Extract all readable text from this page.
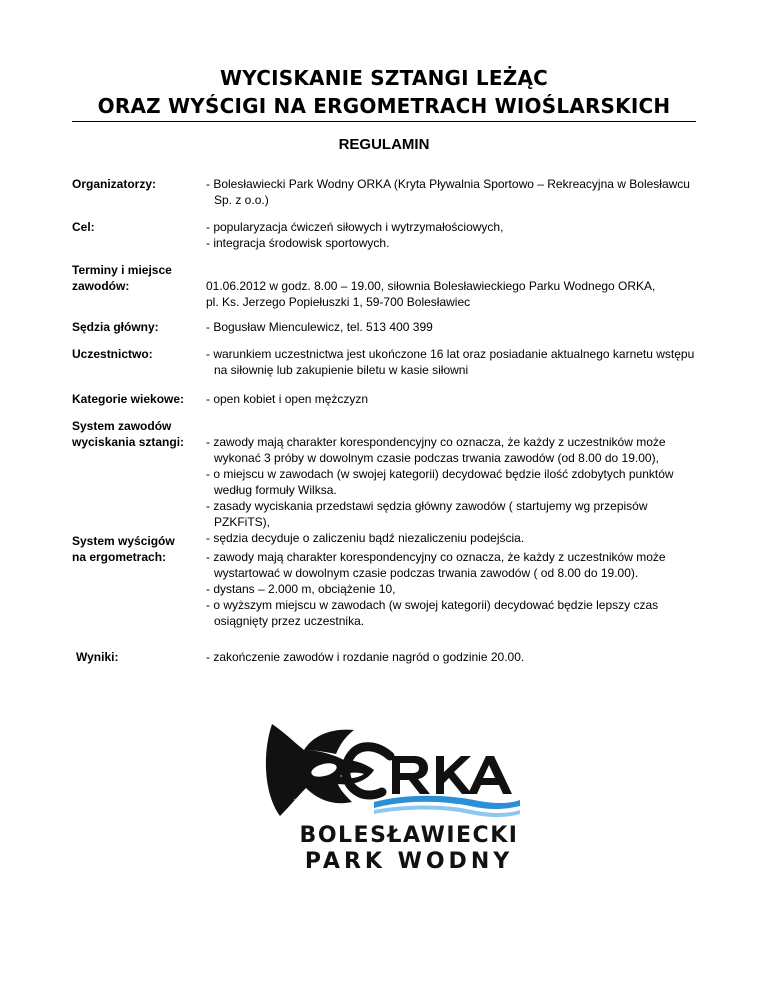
WYCISKANIE SZTANGI LEŻĄC
ORAZ WYŚCIGI NA ERGOMETRACH WIOŚLARSKICH
REGULAMIN
Organizatorzy:	- Bolesławiecki Park Wodny ORKA (Kryta Pływalnia Sportowo – Rekreacyjna w Bolesławcu Sp. z o.o.)

Cel:	- popularyzacja ćwiczeń siłowych i wytrzymałościowych,

- integracja środowisk sportowych.

Terminy i miejsce zawodów:	01.06.2012 w godz. 8.00 – 19.00, siłownia Bolesławieckiego Parku Wodnego ORKA,

pl. Ks. Jerzego Popiełuszki 1, 59-700 Bolesławiec

Sędzia główny:	- Bogusław Mienculewicz, tel. 513 400 399

Uczestnictwo:	- warunkiem uczestnictwa jest ukończone 16 lat oraz posiadanie aktualnego karnetu wstępu na siłownię lub zakupienie biletu w kasie siłowni

Kategorie wiekowe:	- open kobiet i open mężczyzn

System zawodów wyciskania sztangi: - zawody mają charakter korespondencyjny co oznacza, że każdy z uczestników może wykonać 3 próby w dowolnym czasie podczas trwania zawodów (od 8.00 do 19.00),

- o miejscu w zawodach (w swojej kategorii) decydować będzie ilość zdobytych punktów według formuły Wilksa.

- zasady wyciskania przedstawi sędzia główny zawodów ( startujemy wg przepisów PZKFiTS),

- sędzia decyduje o zaliczeniu bądź niezaliczeniu podejścia.

System wyścigów na ergometrach:	- zawody mają charakter korespondencyjny co oznacza, że każdy z uczestników może wystartować w dowolnym czasie podczas trwania zawodów ( od 8.00 do 19.00).

- dystans – 2.000 m, obciążenie 10,

- o wyższym miejscu w zawodach (w swojej kategorii) decydować będzie lepszy czas osiągnięty przez uczestnika.

Wyniki:	- zakończenie zawodów i rozdanie nagród o godzinie 20.00.

BOLESŁAWIECKI
PARK WODNY
